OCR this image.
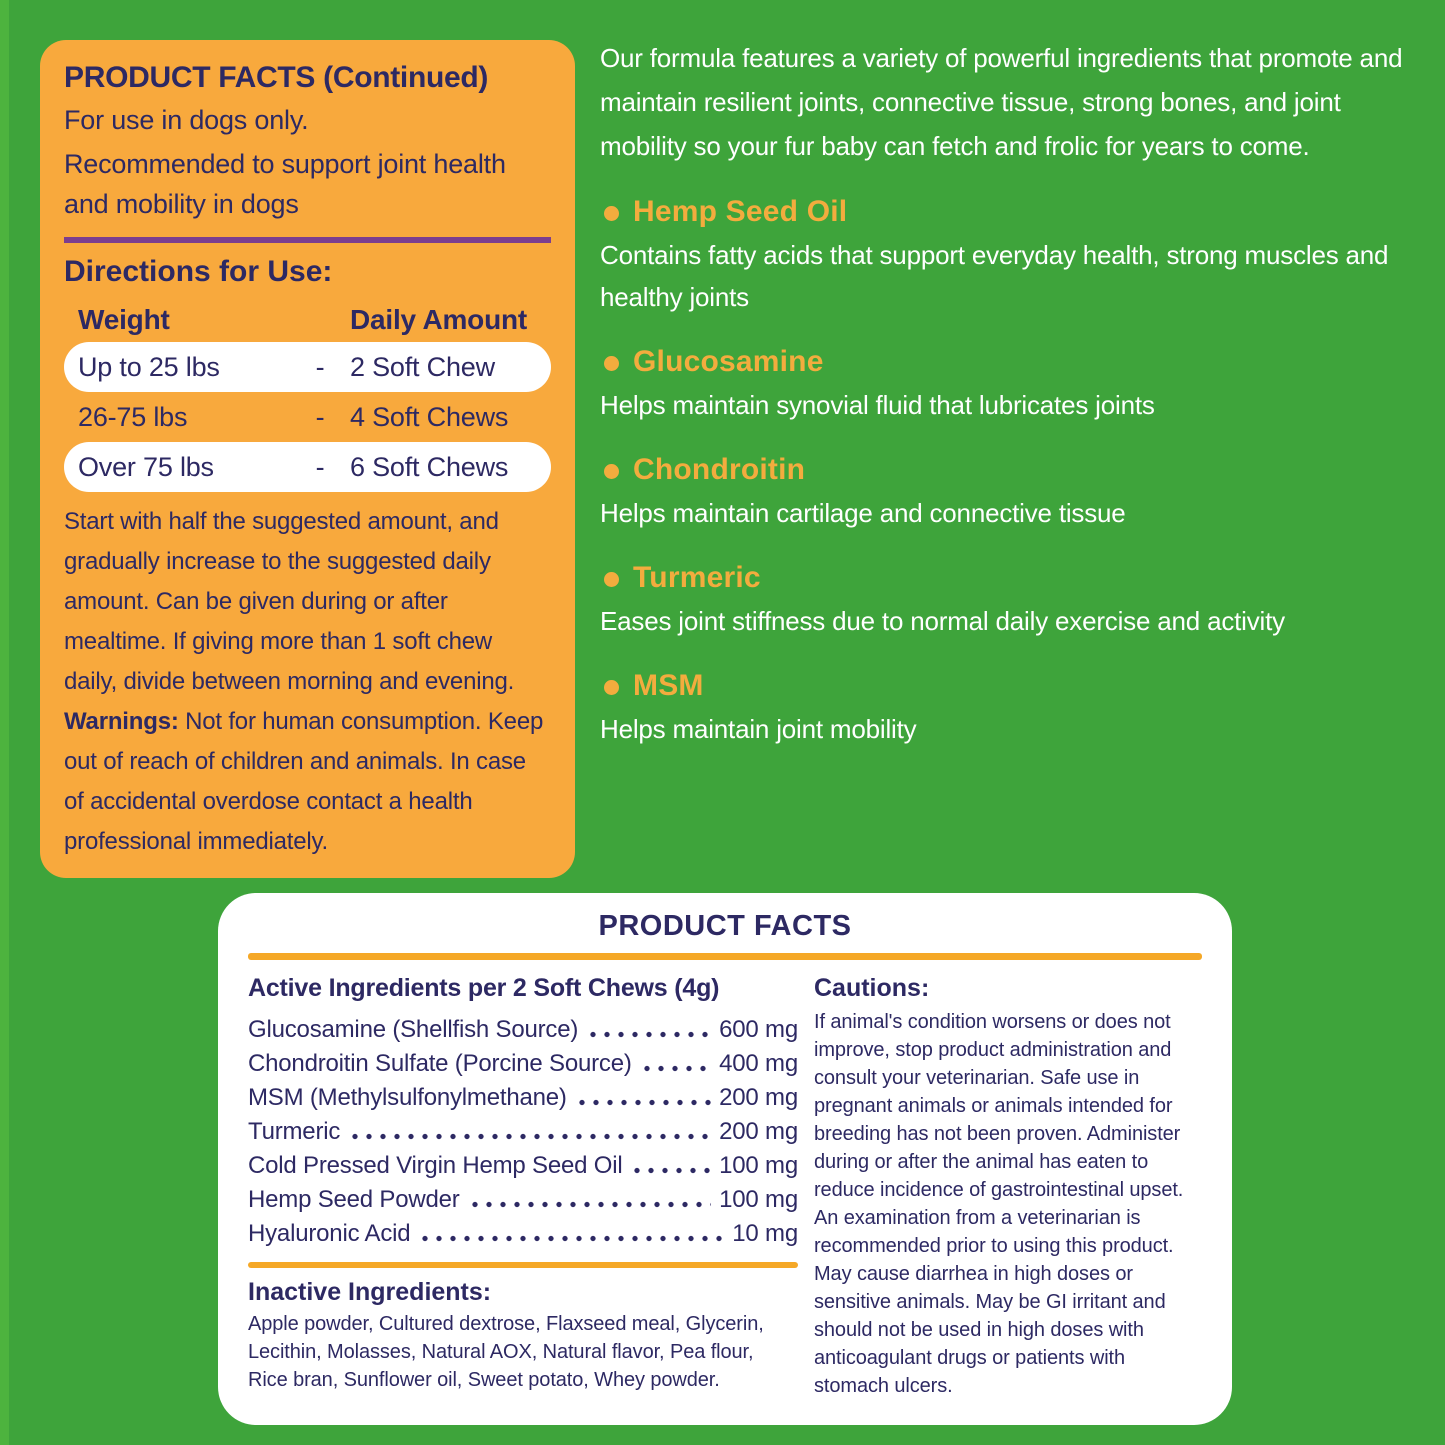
PRODUCT FACTS (Continued)

For use in dogs only.

Recommended to support joint health and mobility in dogs

Directions for Use:
Weight	Daily Amount
Up to 25 lbs	- 2 Soft Chew
26-75 lbs	- 4 Soft Chews
Over 75 lbs	- 6 Soft Chews

Start with half the suggested amount, and gradually increase to the suggested daily amount. Can be given during or after mealtime. If giving more than 1 soft chew daily, divide between morning and evening. Warnings: Not for human consumption. Keep out of reach of children and animals. In case of accidental overdose contact a health professional immediately.

Our formula features a variety of powerful ingredients that promote and maintain resilient joints, connective tissue, strong bones, and joint mobility so your fur baby can fetch and frolic for years to come.

Hemp Seed Oil

Contains fatty acids that support everyday health, strong muscles and healthy joints

Glucosamine

Helps maintain synovial fluid that lubricates joints

Chondroitin

Helps maintain cartilage and connective tissue

Turmeric

Eases joint stiffness due to normal daily exercise and activity

MSM

Helps maintain joint mobility

PRODUCT FACTS
Active Ingredients per 2 Soft Chews (4g)
Glucosamine (Shellfish Source)	600 mg
Chondroitin Sulfate (Porcine Source)	400 mg
MSM (Methylsulfonylmethane)	200 mg
Turmeric	200 mg
Cold Pressed Virgin Hemp Seed Oil	100 mg
Hemp Seed Powder	100 mg
Hyaluronic Acid	10 mg
Inactive Ingredients:

Apple powder, Cultured dextrose, Flaxseed meal, Glycerin, Lecithin, Molasses, Natural AOX, Natural flavor, Pea flour, Rice bran, Sunflower oil, Sweet potato, Whey powder.

Cautions:

If animal's condition worsens or does not improve, stop product administration and consult your veterinarian. Safe use in pregnant animals or animals intended for breeding has not been proven. Administer during or after the animal has eaten to reduce incidence of gastrointestinal upset. An examination from a veterinarian is recommended prior to using this product. May cause diarrhea in high doses or sensitive animals. May be GI irritant and should not be used in high doses with anticoagulant drugs or patients with stomach ulcers.
